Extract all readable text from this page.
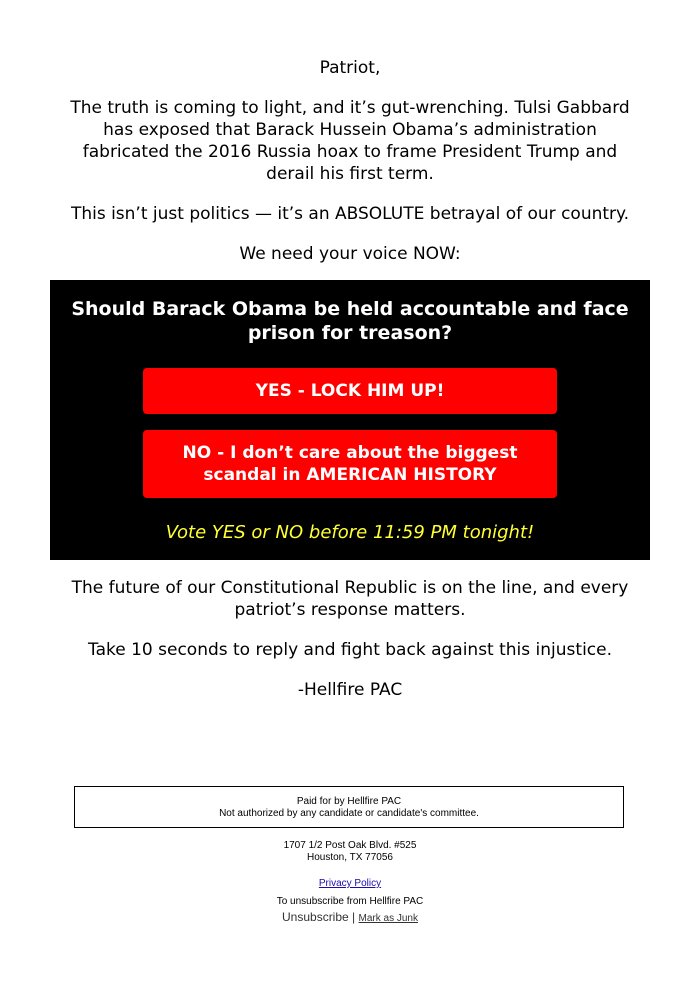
Patriot,

The truth is coming to light, and it’s gut-wrenching. Tulsi Gabbard has exposed that Barack Hussein Obama’s administration fabricated the 2016 Russia hoax to frame President Trump and derail his first term.

This isn’t just politics — it’s an ABSOLUTE betrayal of our country.

We need your voice NOW:

Should Barack Obama be held accountable and face prison for treason?

YES - LOCK HIM UP!
NO - I don’t care about the biggest scandal in AMERICAN HISTORY

Vote YES or NO before 11:59 PM tonight!

The future of our Constitutional Republic is on the line, and every patriot’s response matters.

Take 10 seconds to reply and fight back against this injustice.

-Hellfire PAC

Paid for by Hellfire PAC
Not authorized by any candidate or candidate's committee.
1707 1/2 Post Oak Blvd. #525
Houston, TX 77056
Privacy Policy
To unsubscribe from Hellfire PAC
Unsubscribe | Mark as Junk
